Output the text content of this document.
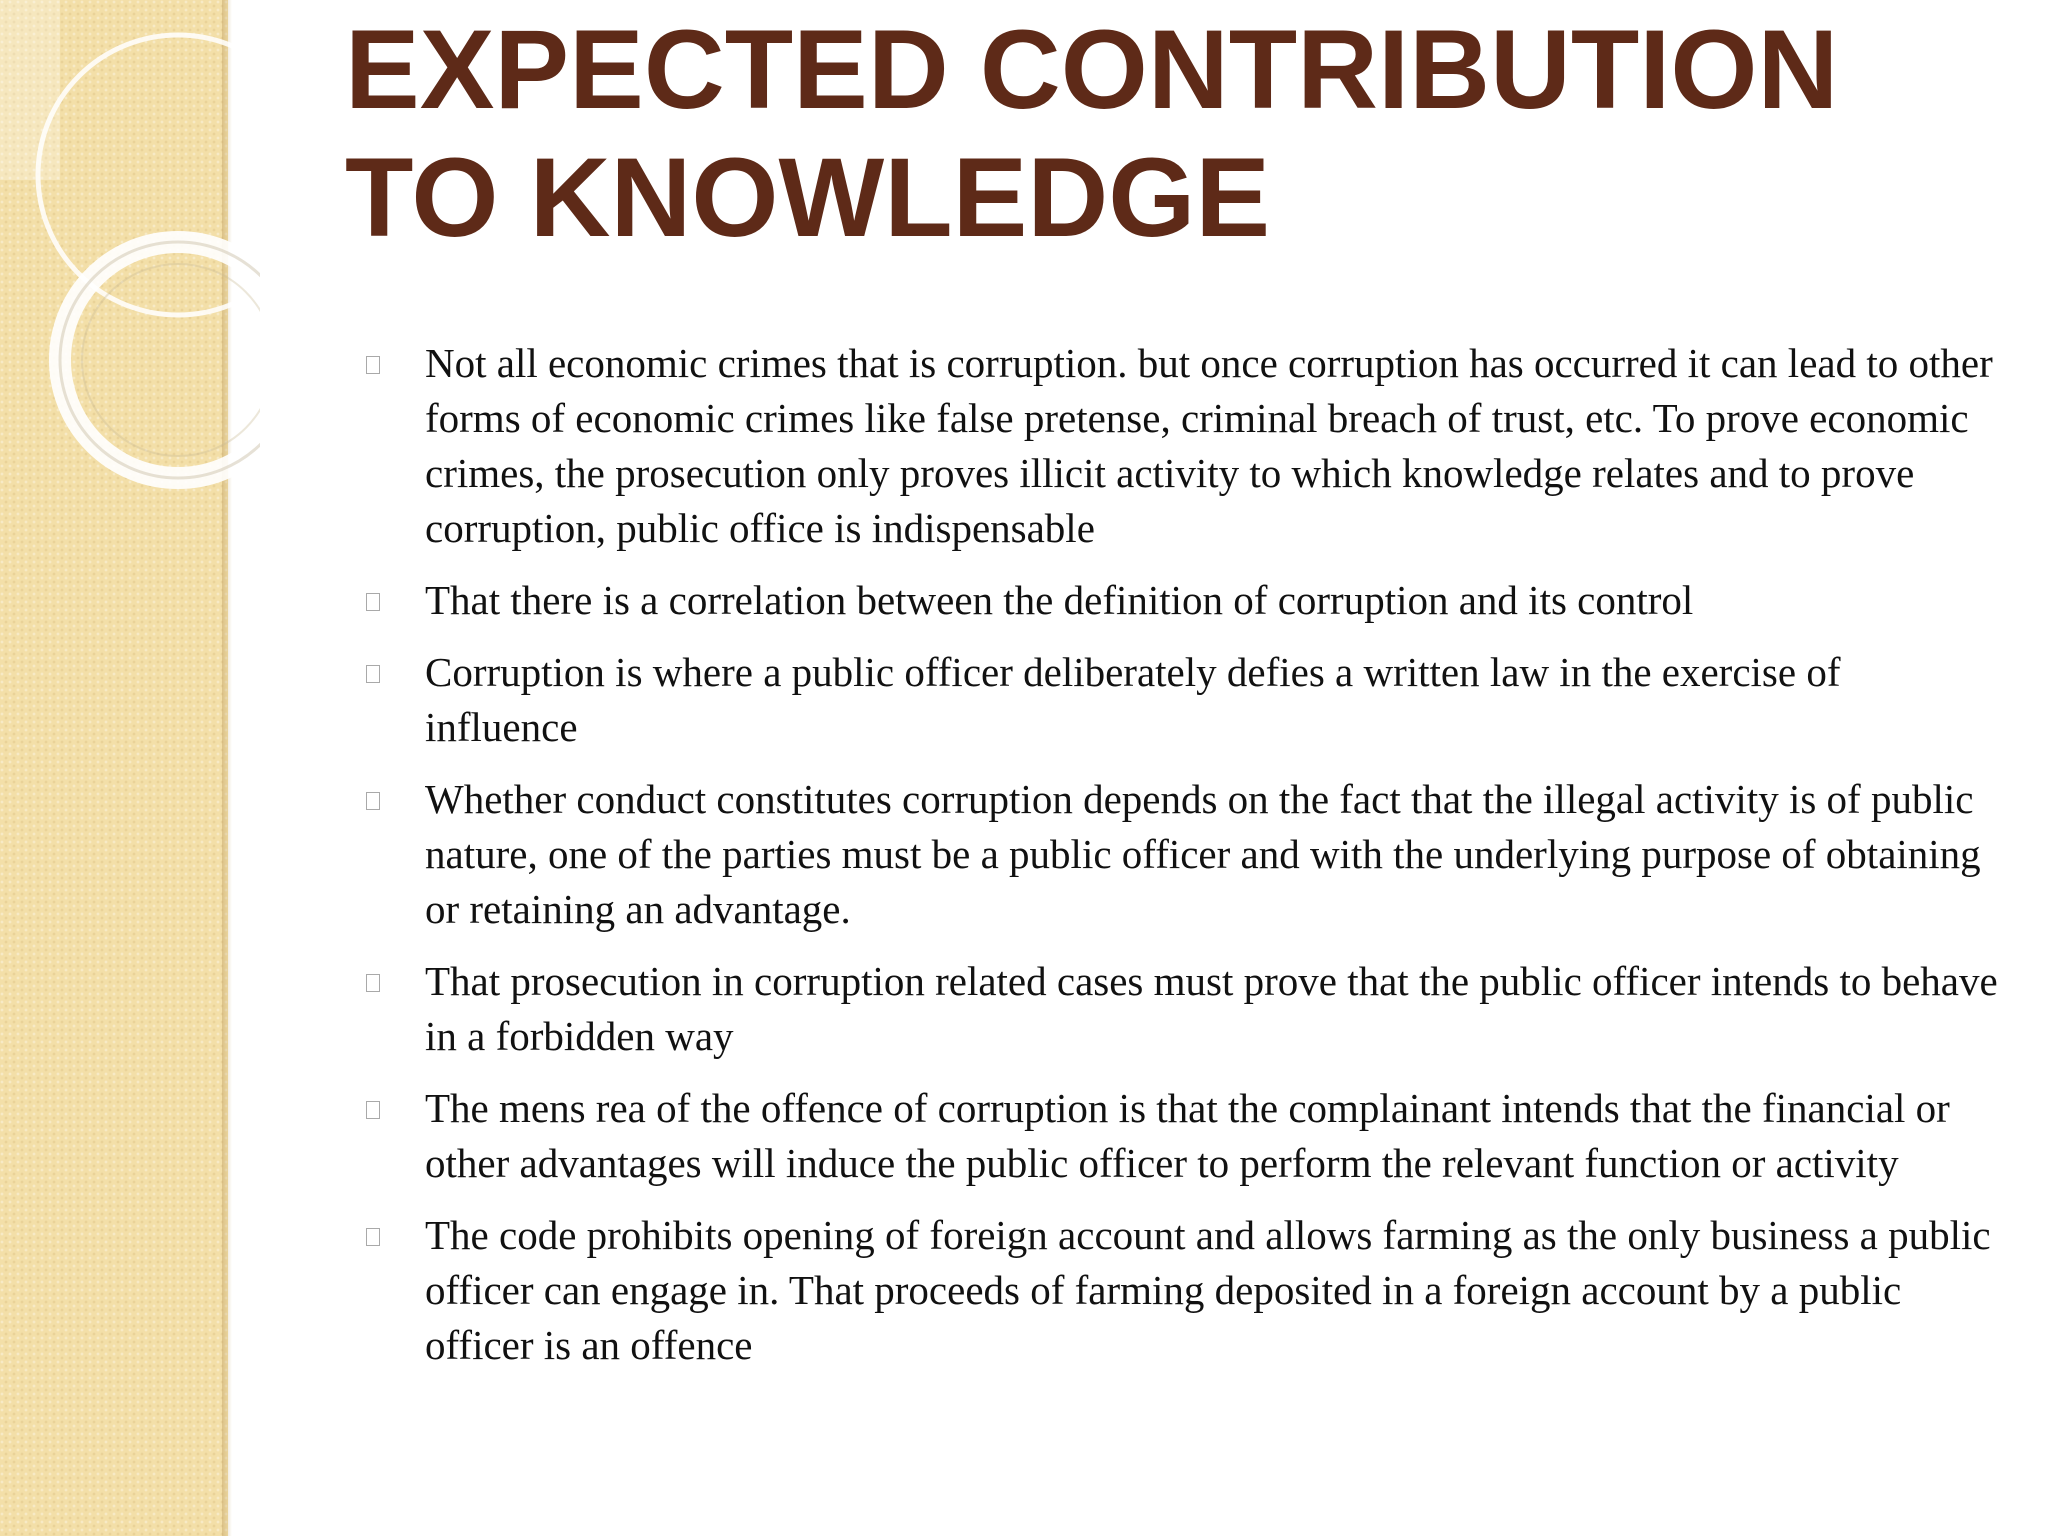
EXPECTED CONTRIBUTION
TO KNOWLEDGE
Not all economic crimes that is corruption. but once corruption has occurred it can lead to other forms of economic crimes like false pretense, criminal breach of trust, etc. To prove economic crimes, the prosecution only proves illicit activity to which knowledge relates and to prove corruption, public office is indispensable
That there is a correlation between the definition of corruption and its control
Corruption is where a public officer deliberately defies a written law in the exercise of influence
Whether conduct constitutes corruption depends on the fact that the illegal activity is of public nature, one of the parties must be a public officer and with the underlying purpose of obtaining or retaining an advantage.
That prosecution in corruption related cases must prove that the public officer intends to behave in a forbidden way
The mens rea of the offence of corruption is that the complainant intends that the financial or other advantages will induce the public officer to perform the relevant function or activity
The code prohibits opening of foreign account and allows farming as the only business a public officer can engage in. That proceeds of farming deposited in a foreign account by a public officer is an offence
